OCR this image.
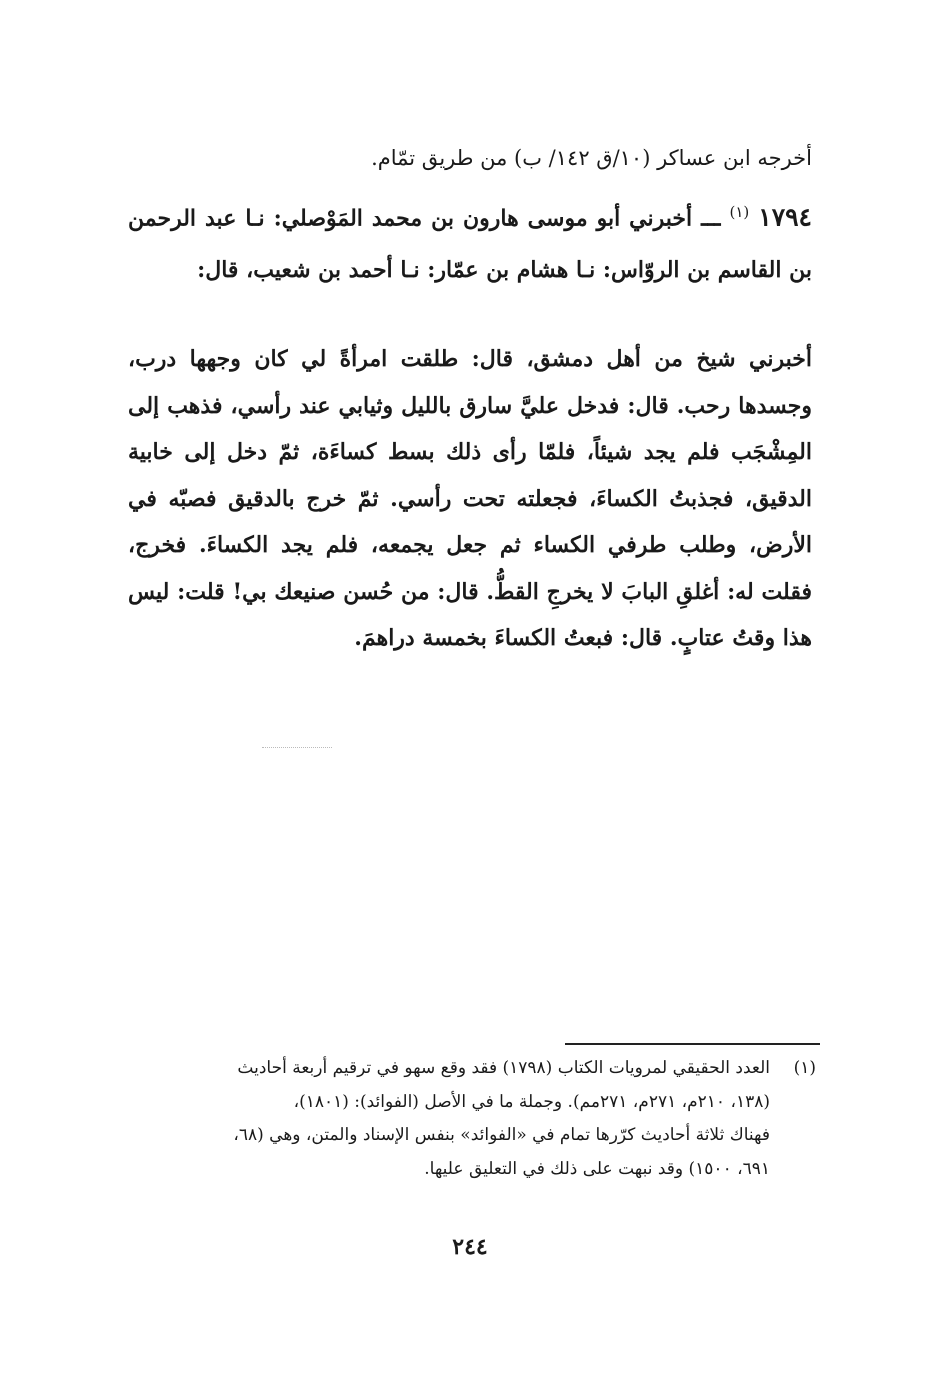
أخرجه ابن عساكر (١٠/ق ١٤٢/ ب) من طريق تمّام.

١٧٩٤ $^{(١)}$ ـــ أخبرني أبو موسى هارون بن محمد المَوْصلي: نـا عبد الرحمن بن القاسم بن الروّاس: نـا هشام بن عمّار: نـا أحمد بن شعيب، قال:

أخبرني شيخ من أهل دمشق، قال: طلقت امرأةً لي كان وجهها درب، وجسدها رحب. قال: فدخل عليَّ سارق بالليل وثيابي عند رأسي، فذهب إلى المِشْجَب فلم يجد شيئاً، فلمّا رأى ذلك بسط كساءَة، ثمّ دخل إلى خابية الدقيق، فجذبتُ الكساءَ، فجعلته تحت رأسي. ثمّ خرج بالدقيق فصبّه في الأرض، وطلب طرفي الكساء ثم جعل يجمعه، فلم يجد الكساءَ. فخرج، فقلت له: أغلقِ البابَ لا يخرجِ القطُّ. قال: من حُسن صنيعك بي! قلت: ليس هذا وقتُ عتابٍ. قال: فبعتُ الكساءَ بخمسة دراهمَ.

(١)العدد الحقيقي لمرويات الكتاب (١٧٩٨) فقد وقع سهو في ترقيم أربعة أحاديث
(١٣٨، ٢١٠م، ٢٧١م، ٢٧١مم). وجملة ما في الأصل (الفوائد): (١٨٠١)،
فهناك ثلاثة أحاديث كرّرها تمام في «الفوائد» بنفس الإسناد والمتن، وهي (٦٨،
٦٩١، ١٥٠٠) وقد نبهت على ذلك في التعليق عليها.
٢٤٤
